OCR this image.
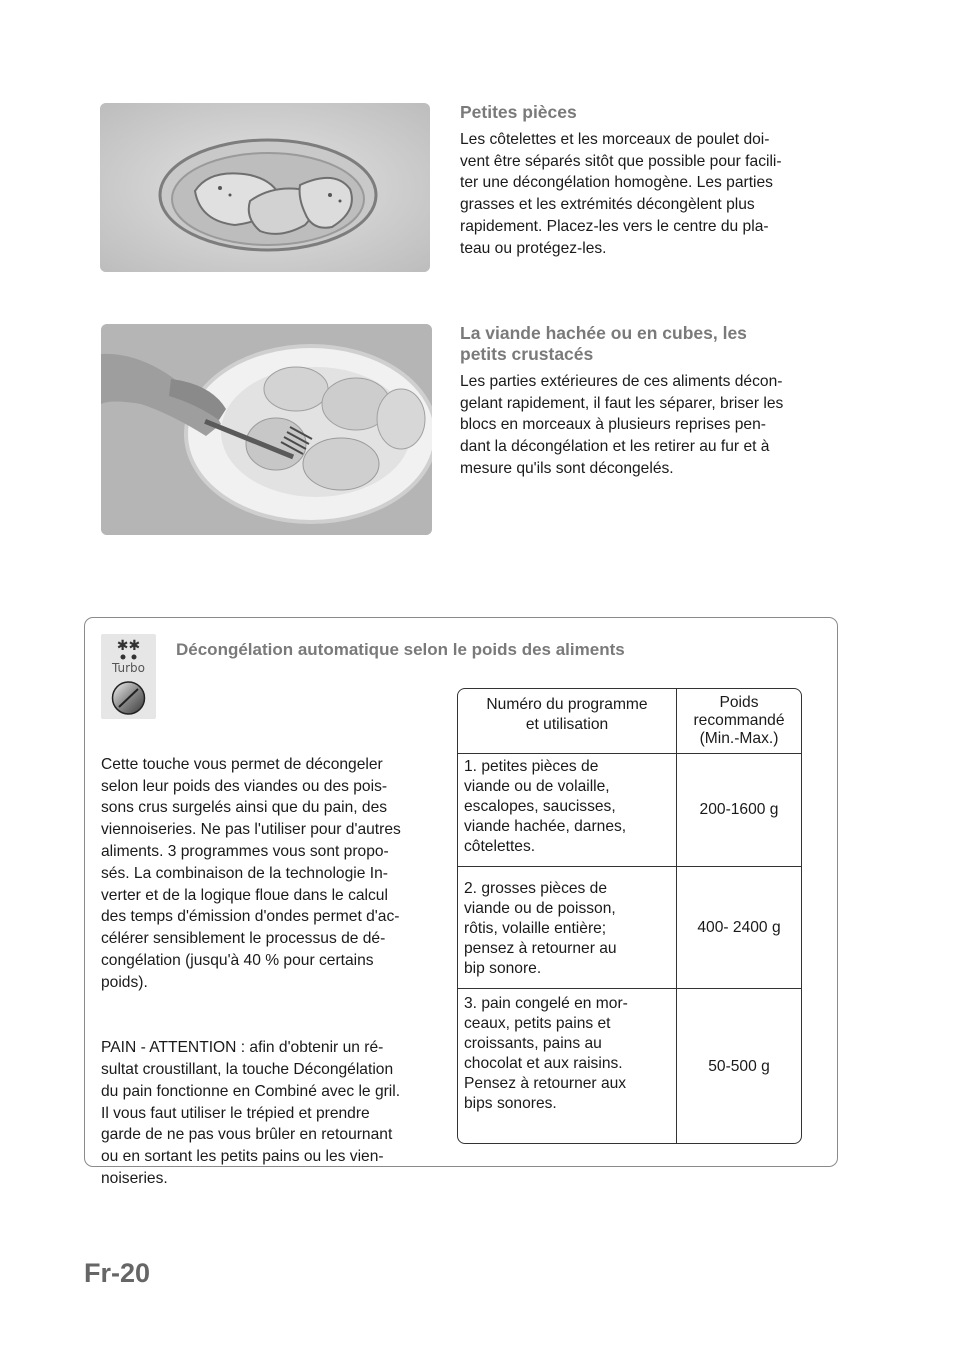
Petites pièces

Les côtelettes et les morceaux de poulet doi-
vent être séparés sitôt que possible pour facili-
ter une décongélation homogène. Les parties
grasses et les extrémités décongèlent plus
rapidement. Placez-les vers le centre du pla-
teau ou protégez-les.

La viande hachée ou en cubes, les
petits crustacés

Les parties extérieures de ces aliments décon-
gelant rapidement, il faut les séparer, briser les
blocs en morceaux à plusieurs reprises pen-
dant la décongélation et les retirer au fur et à
mesure qu'ils sont décongelés.

✱✱
Turbo
Décongélation automatique selon le poids des aliments

Cette touche vous permet de décongeler
selon leur poids des viandes ou des pois-
sons crus surgelés ainsi que du pain, des
viennoiseries. Ne pas l'utiliser pour d'autres
aliments. 3 programmes vous sont propo-
sés. La combinaison de la technologie In-
verter et de la logique floue dans le calcul
des temps d'émission d'ondes permet d'ac-
célérer sensiblement le processus de dé-
congélation (jusqu'à 40 % pour certains
poids).

PAIN - ATTENTION : afin d'obtenir un ré-
sultat croustillant, la touche Décongélation
du pain fonctionne en Combiné avec le gril.
Il vous faut utiliser le trépied et prendre
garde de ne pas vous brûler en retournant
ou en sortant les petits pains ou les vien-
noiseries.

Numéro du programme
et utilisation
Poids
recommandé
(Min.-Max.)
1. petites pièces de
viande ou de volaille,
escalopes, saucisses,
viande hachée, darnes,
côtelettes.
200-1600 g
2. grosses pièces de
viande ou de poisson,
rôtis, volaille entière;
pensez à retourner au
bip sonore.
400- 2400 g
3. pain congelé en mor-
ceaux, petits pains et
croissants, pains au
chocolat et aux raisins.
Pensez à retourner aux
bips sonores.
50-500 g
Fr-20
